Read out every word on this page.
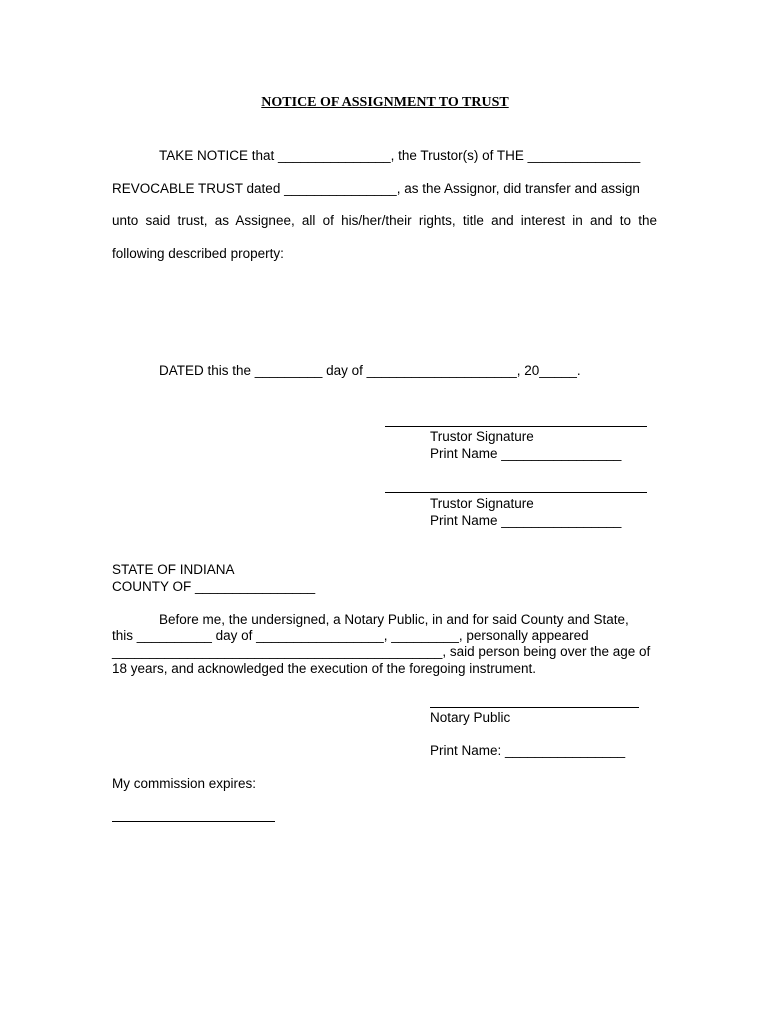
NOTICE OF ASSIGNMENT TO TRUST
TAKE NOTICE that _______________, the Trustor(s) of THE _______________
REVOCABLE TRUST dated _______________, as the Assignor, did transfer and assign
unto said trust, as Assignee, all of his/her/their rights, title and interest in and to the
following described property:
DATED this the _________ day of ____________________, 20_____.
Trustor Signature
Print Name ________________
Trustor Signature
Print Name ________________
STATE OF INDIANA
COUNTY OF ________________
Before me, the undersigned, a Notary Public, in and for said County and State,
this __________ day of _________________, _________, personally appeared
____________________________________________, said person being over the age of
18 years, and acknowledged the execution of the foregoing instrument.
Notary Public
Print Name: ________________
My commission expires:
